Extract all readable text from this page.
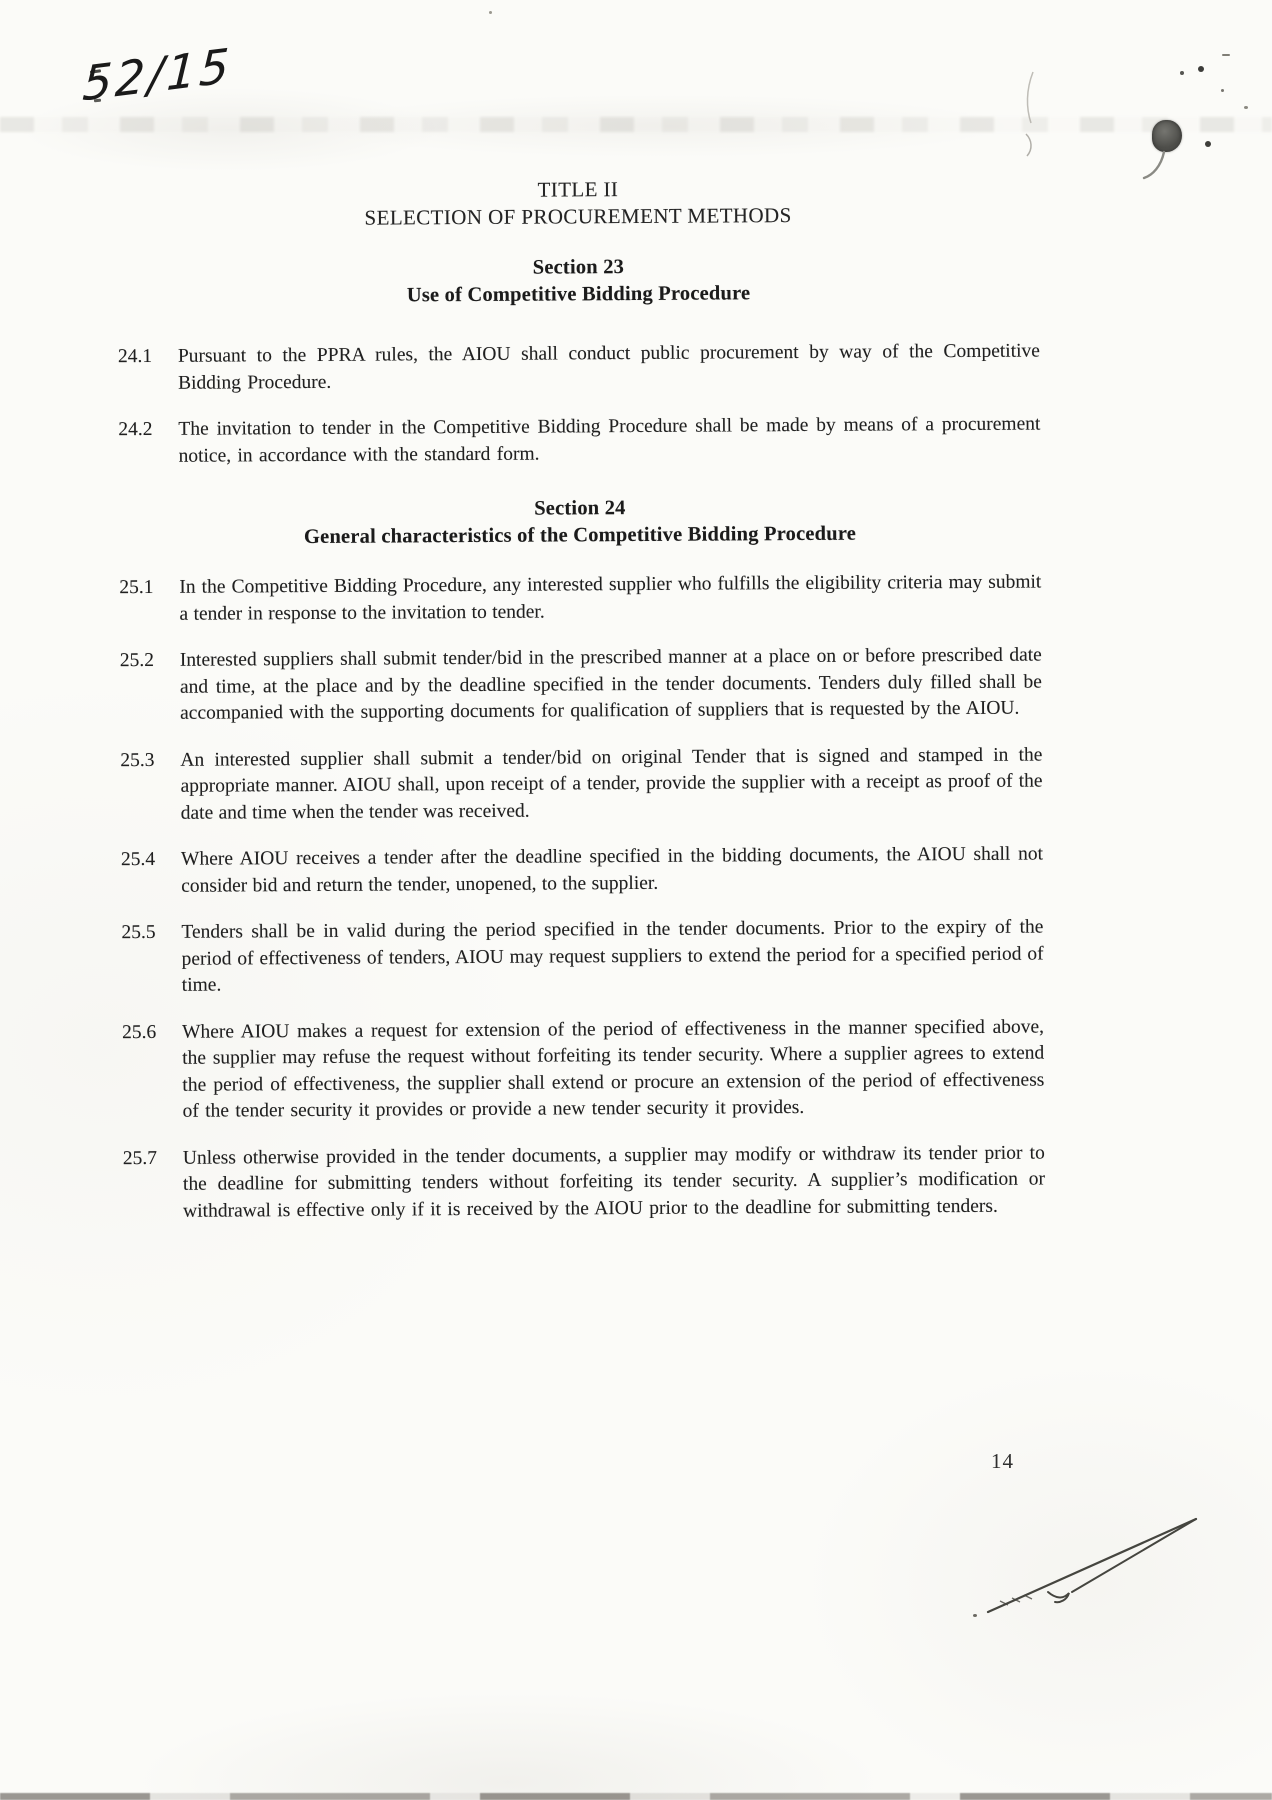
52/15
TITLE II
SELECTION OF PROCUREMENT METHODS
Section 23
Use of Competitive Bidding Procedure
24.1	Pursuant to the PPRA rules, the AIOU shall conduct public procurement by way of the Competitive Bidding Procedure.
24.2	The invitation to tender in the Competitive Bidding Procedure shall be made by means of a procurement notice, in accordance with the standard form.
Section 24
General characteristics of the Competitive Bidding Procedure
25.1	In the Competitive Bidding Procedure, any interested supplier who fulfills the eligibility criteria may submit a tender in response to the invitation to tender.
25.2	Interested suppliers shall submit tender/bid in the prescribed manner at a place on or before prescribed date and time, at the place and by the deadline specified in the tender documents. Tenders duly filled shall be accompanied with the supporting documents for qualification of suppliers that is requested by the AIOU.
25.3	An interested supplier shall submit a tender/bid on original Tender that is signed and stamped in the appropriate manner. AIOU shall, upon receipt of a tender, provide the supplier with a receipt as proof of the date and time when the tender was received.
25.4	Where AIOU receives a tender after the deadline specified in the bidding documents, the AIOU shall not consider bid and return the tender, unopened, to the supplier.
25.5	Tenders shall be in valid during the period specified in the tender documents. Prior to the expiry of the period of effectiveness of tenders, AIOU may request suppliers to extend the period for a specified period of time.
25.6	Where AIOU makes a request for extension of the period of effectiveness in the manner specified above, the supplier may refuse the request without forfeiting its tender security. Where a supplier agrees to extend the period of effectiveness, the supplier shall extend or procure an extension of the period of effectiveness of the tender security it provides or provide a new tender security it provides.
25.7	Unless otherwise provided in the tender documents, a supplier may modify or withdraw its tender prior to the deadline for submitting tenders without forfeiting its tender security. A supplier’s modification or withdrawal is effective only if it is received by the AIOU prior to the deadline for submitting tenders.
14
